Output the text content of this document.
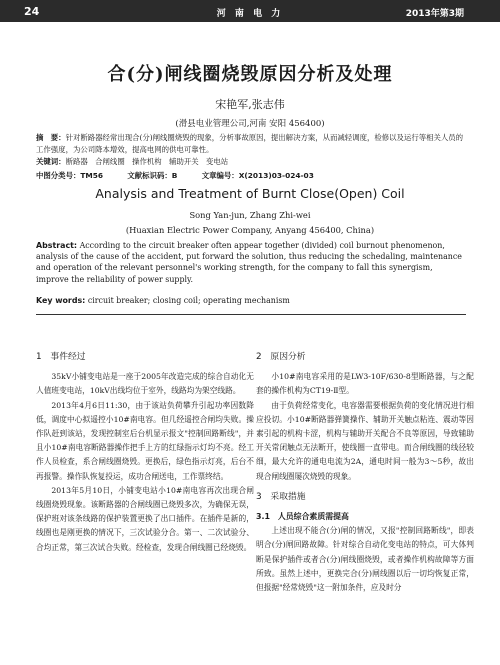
24	河 南 电 力	2013年第3期
合(分)闸线圈烧毁原因分析及处理
宋艳军,张志伟
(滑县电业管理公司,河南 安阳 456400)
摘　要：针对断路器经常出现合(分)闸线圈烧毁的现象，分析事故原因，提出解决方案，从而减轻调度，检修以及运行等相关人员的工作强度，为公司降本增效，提高电网的供电可靠性。
关键词：断路器　合闸线圈　操作机构　辅助开关　变电站
中图分类号：TM56	文献标识码：B	文章编号：X(2013)03-024-03
Analysis and Treatment of Burnt Close(Open) Coil
Song Yan-jun, Zhang Zhi-wei
(Huaxian Electric Power Company, Anyang 456400, China)
Abstract: According to the circuit breaker often appear together (divided) coil burnout phenomenon, analysis of the cause of the accident, put forward the solution, thus reducing the schedaling, maintenance and operation of the relevant personnel's working strength, for the company to fall this synergism, improve the reliability of power supply.
Key words: circuit breaker; closing coil; operating mechanism
1　事件经过

35kV小铺变电站是一座于2005年改造完成的综合自动化无人值班变电站，10kV出线均位于室外，线路均为架空线路。

2013年4月6日11:30，由于该站负荷攀升引起功率因数降低，调度中心拟遥控小10#南电容。但几经遥控合闸均失败。操作队赶到该站，发现控制室后台机显示报文"控制回路断线"，并且小10#南电容断路器操作把手上方的红绿指示灯均不亮。经工作人员检查，系合闸线圈烧毁。更换后，绿色指示灯亮，后台不再报警。操作队恢复投运，成功合闸送电，工作票终结。

2013年5月10日，小铺变电站小10#南电容再次出现合闸线圈烧毁现象。该断路器的合闸线圈已烧毁多次，为确保无误，保护班对该条线路的保护装置更换了出口插件。在插件是新的，线圈也是刚更换的情况下，三次试验分合。第一、二次试验分、合均正常，第三次试合失败。经检查，发现合闸线圈已经烧毁。

2　原因分析

小10#南电容采用的是LW3-10F/630-8型断路器，与之配套的操作机构为CT19-Ⅱ型。

由于负荷经常变化，电容器需要根据负荷的变化情况进行相应投切。小10#断路器弹簧操作、辅助开关触点粘连、震动等因素引起的机构卡涩，机构与辅助开关配合不良等原因，导致辅助开关常闭触点无法断开，使线圈一直带电。而合闸线圈的线径较细，最大允许的通电电流为2A，通电时间一般为3～5秒，故出现合闸线圈屡次烧毁的现象。

3　采取措施
3.1　人员综合素质需提高

上述出现不能合(分)闸的情况，又报"控制回路断线"，即表明合(分)闸回路故障。针对综合自动化变电站的特点，可大体判断是保护插件或者合(分)闸线圈烧毁，或者操作机构故障等方面所致。虽然上述中，更换完合(分)闸线圈以后一切均恢复正常，但报据"经常烧毁"这一附加条件，应及时分
